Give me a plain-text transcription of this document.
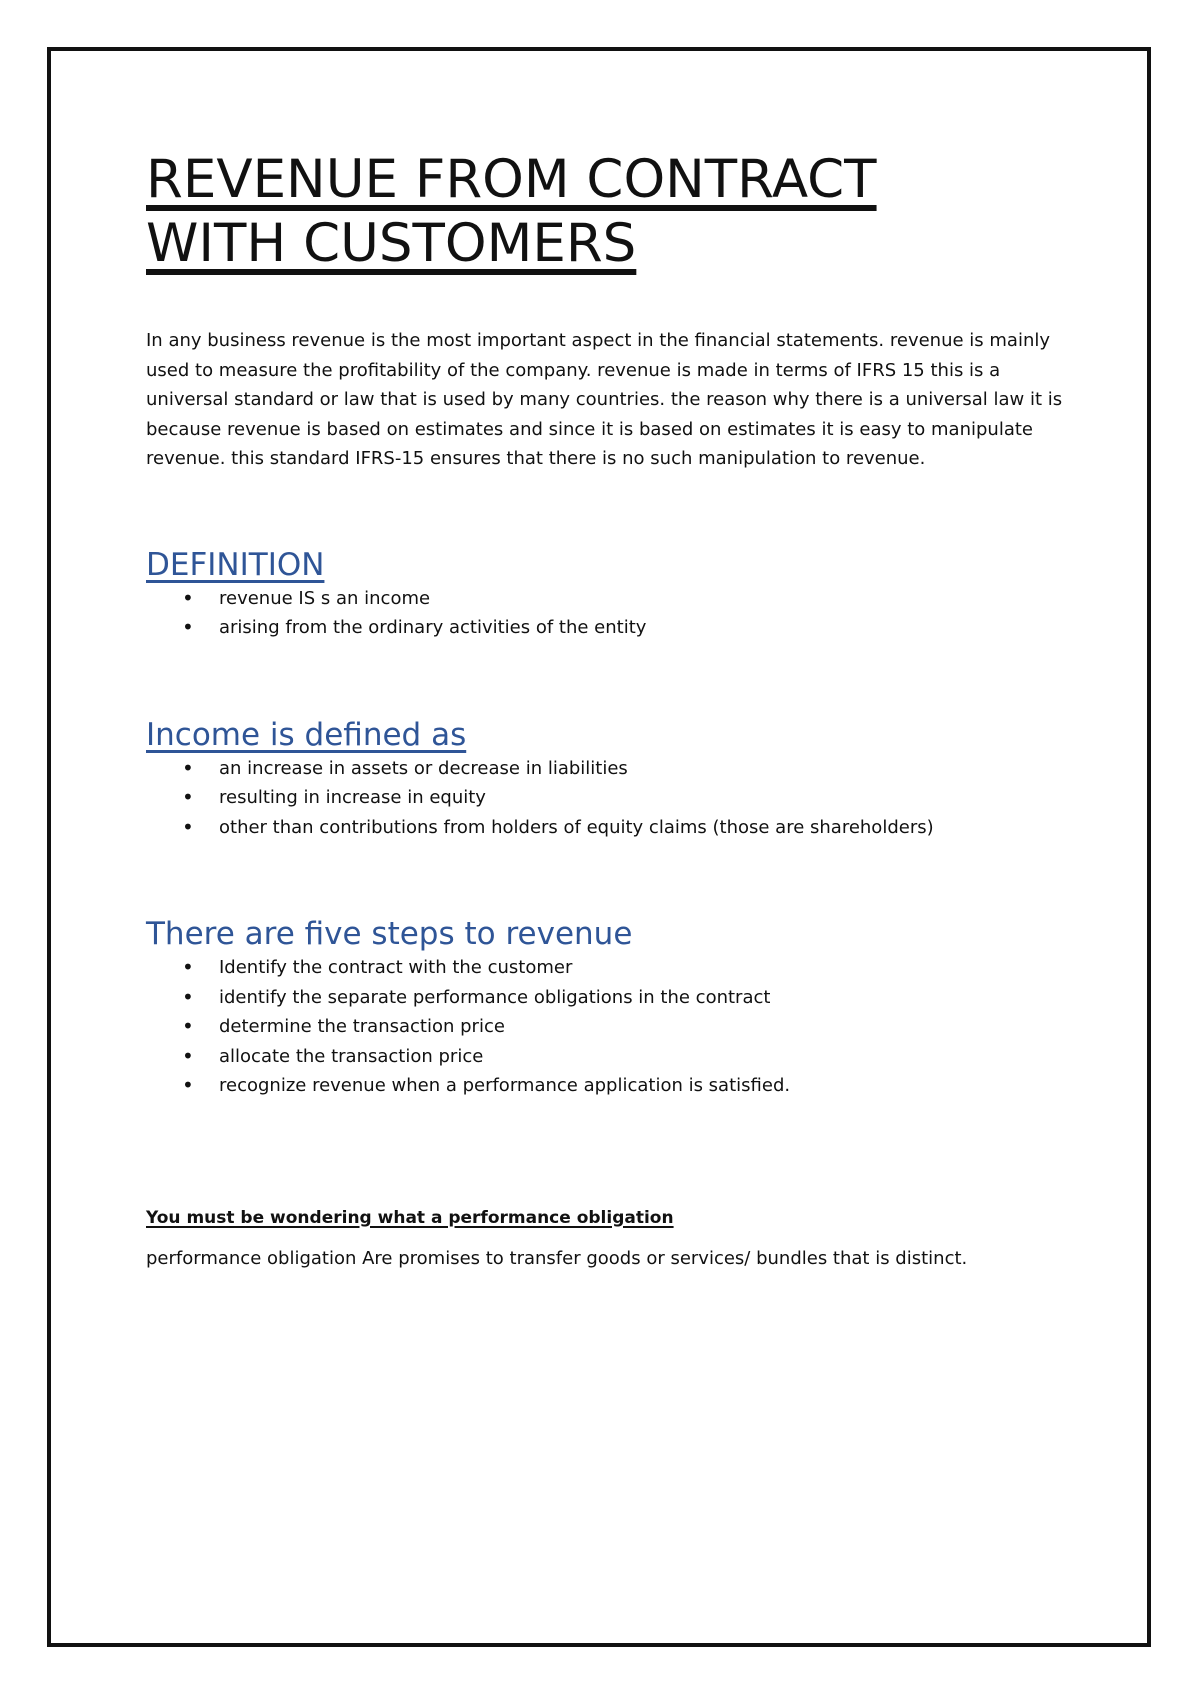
REVENUE FROM CONTRACT
WITH CUSTOMERS

In any business revenue is the most important aspect in the financial statements. revenue is mainly
used to measure the profitability of the company. revenue is made in terms of IFRS 15 this is a
universal standard or law that is used by many countries. the reason why there is a universal law it is
because revenue is based on estimates and since it is based on estimates it is easy to manipulate
revenue. this standard IFRS-15 ensures that there is no such manipulation to revenue.

DEFINITION
• revenue IS s an income
• arising from the ordinary activities of the entity
Income is defined as
• an increase in assets or decrease in liabilities
• resulting in increase in equity
• other than contributions from holders of equity claims (those are shareholders)
There are five steps to revenue
• Identify the contract with the customer
• identify the separate performance obligations in the contract
• determine the transaction price
• allocate the transaction price
• recognize revenue when a performance application is satisfied.

You must be wondering what a performance obligation

performance obligation Are promises to transfer goods or services/ bundles that is distinct.
